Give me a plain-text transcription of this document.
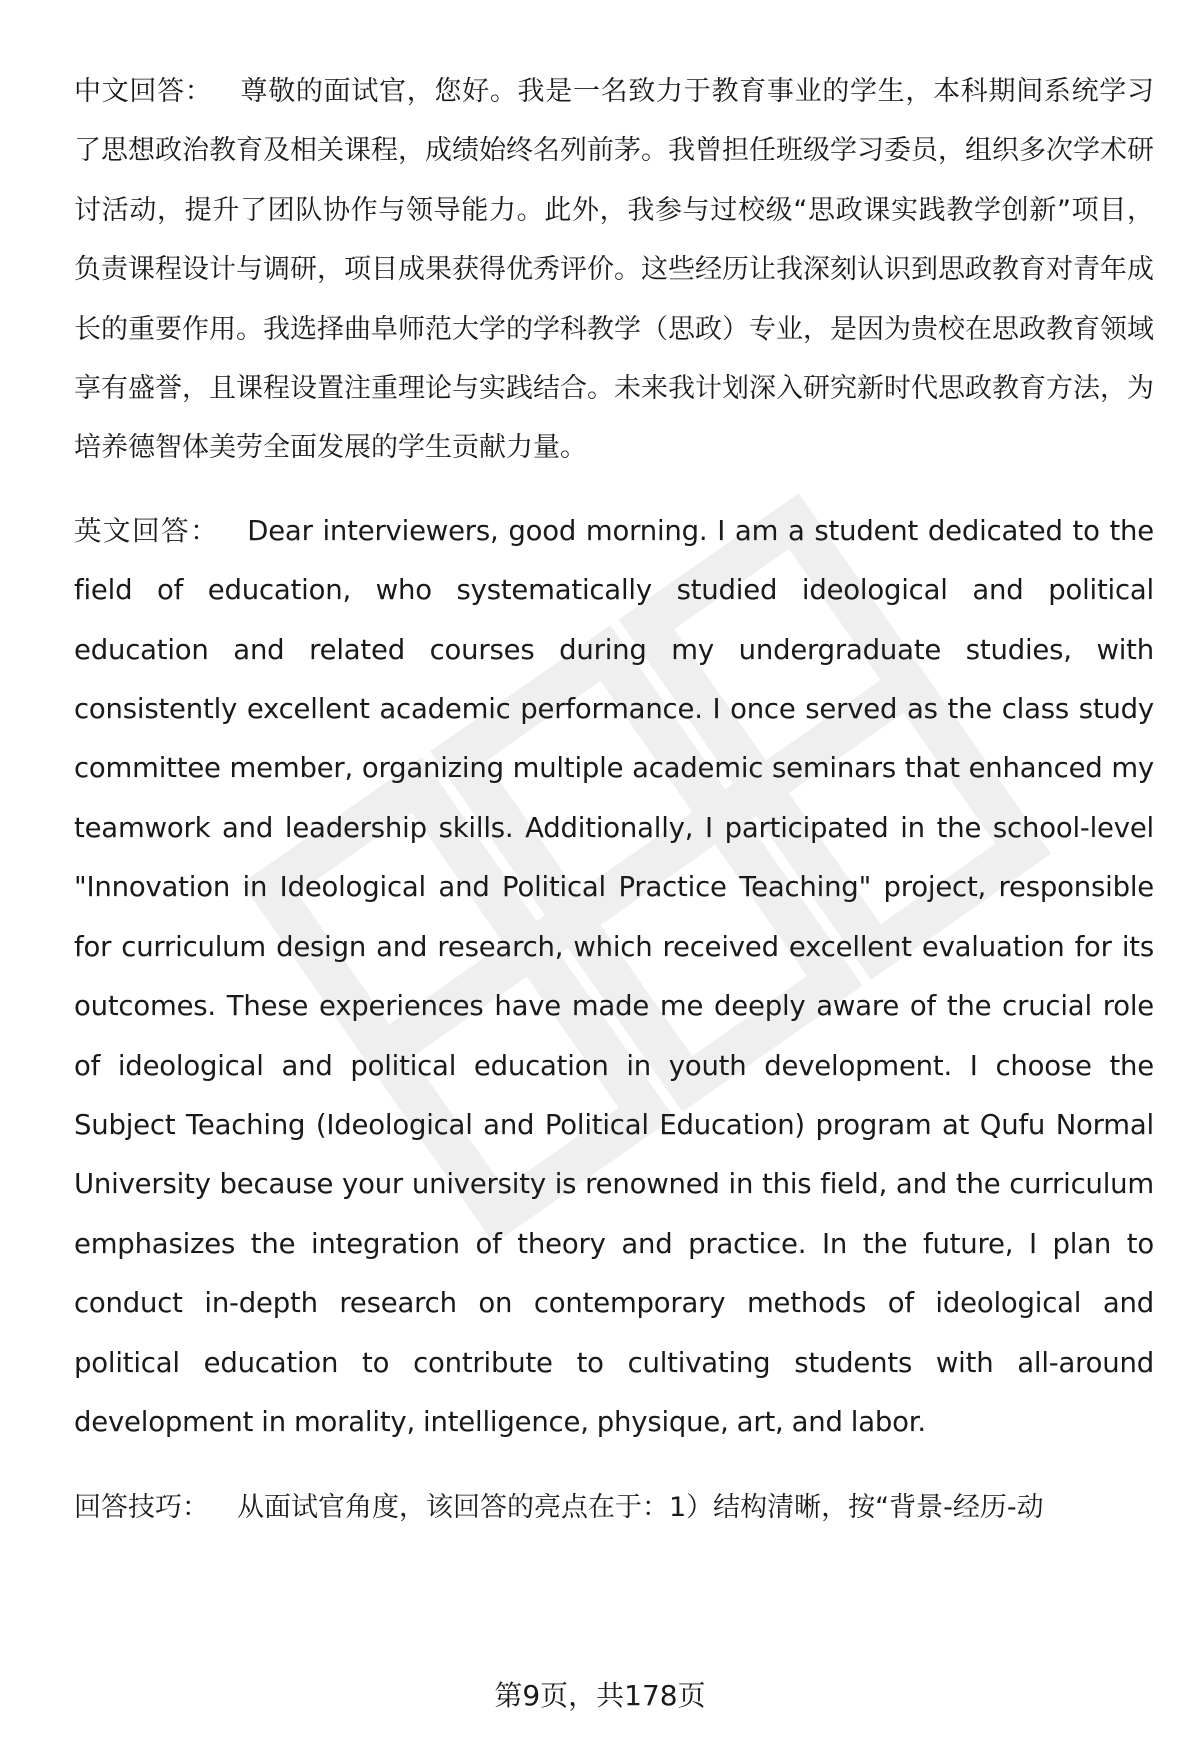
中文回答： 尊敬的面试官，您好。我是一名致力于教育事业的学生，本科期间系统学习了思想政治教育及相关课程，成绩始终名列前茅。我曾担任班级学习委员，组织多次学术研讨活动，提升了团队协作与领导能力。此外，我参与过校级“思政课实践教学创新”项目，负责课程设计与调研，项目成果获得优秀评价。这些经历让我深刻认识到思政教育对青年成长的重要作用。我选择曲阜师范大学的学科教学（思政）专业，是因为贵校在思政教育领域享有盛誉，且课程设置注重理论与实践结合。未来我计划深入研究新时代思政教育方法，为培养德智体美劳全面发展的学生贡献力量。

英文回答： Dear interviewers, good morning. I am a student dedicated to the field of education, who systematically studied ideological and political education and related courses during my undergraduate studies, with consistently excellent academic performance. I once served as the class study committee member, organizing multiple academic seminars that enhanced my teamwork and leadership skills. Additionally, I participated in the school-level "Innovation in Ideological and Political Practice Teaching" project, responsible for curriculum design and research, which received excellent evaluation for its outcomes. These experiences have made me deeply aware of the crucial role of ideological and political education in youth development. I choose the Subject Teaching (Ideological and Political Education) program at Qufu Normal University because your university is renowned in this field, and the curriculum emphasizes the integration of theory and practice. In the future, I plan to conduct in-depth research on contemporary methods of ideological and political education to contribute to cultivating students with all-around development in morality, intelligence, physique, art, and labor.

回答技巧： 从面试官角度，该回答的亮点在于：1）结构清晰，按“背景-经历-动

第9页，共178页
